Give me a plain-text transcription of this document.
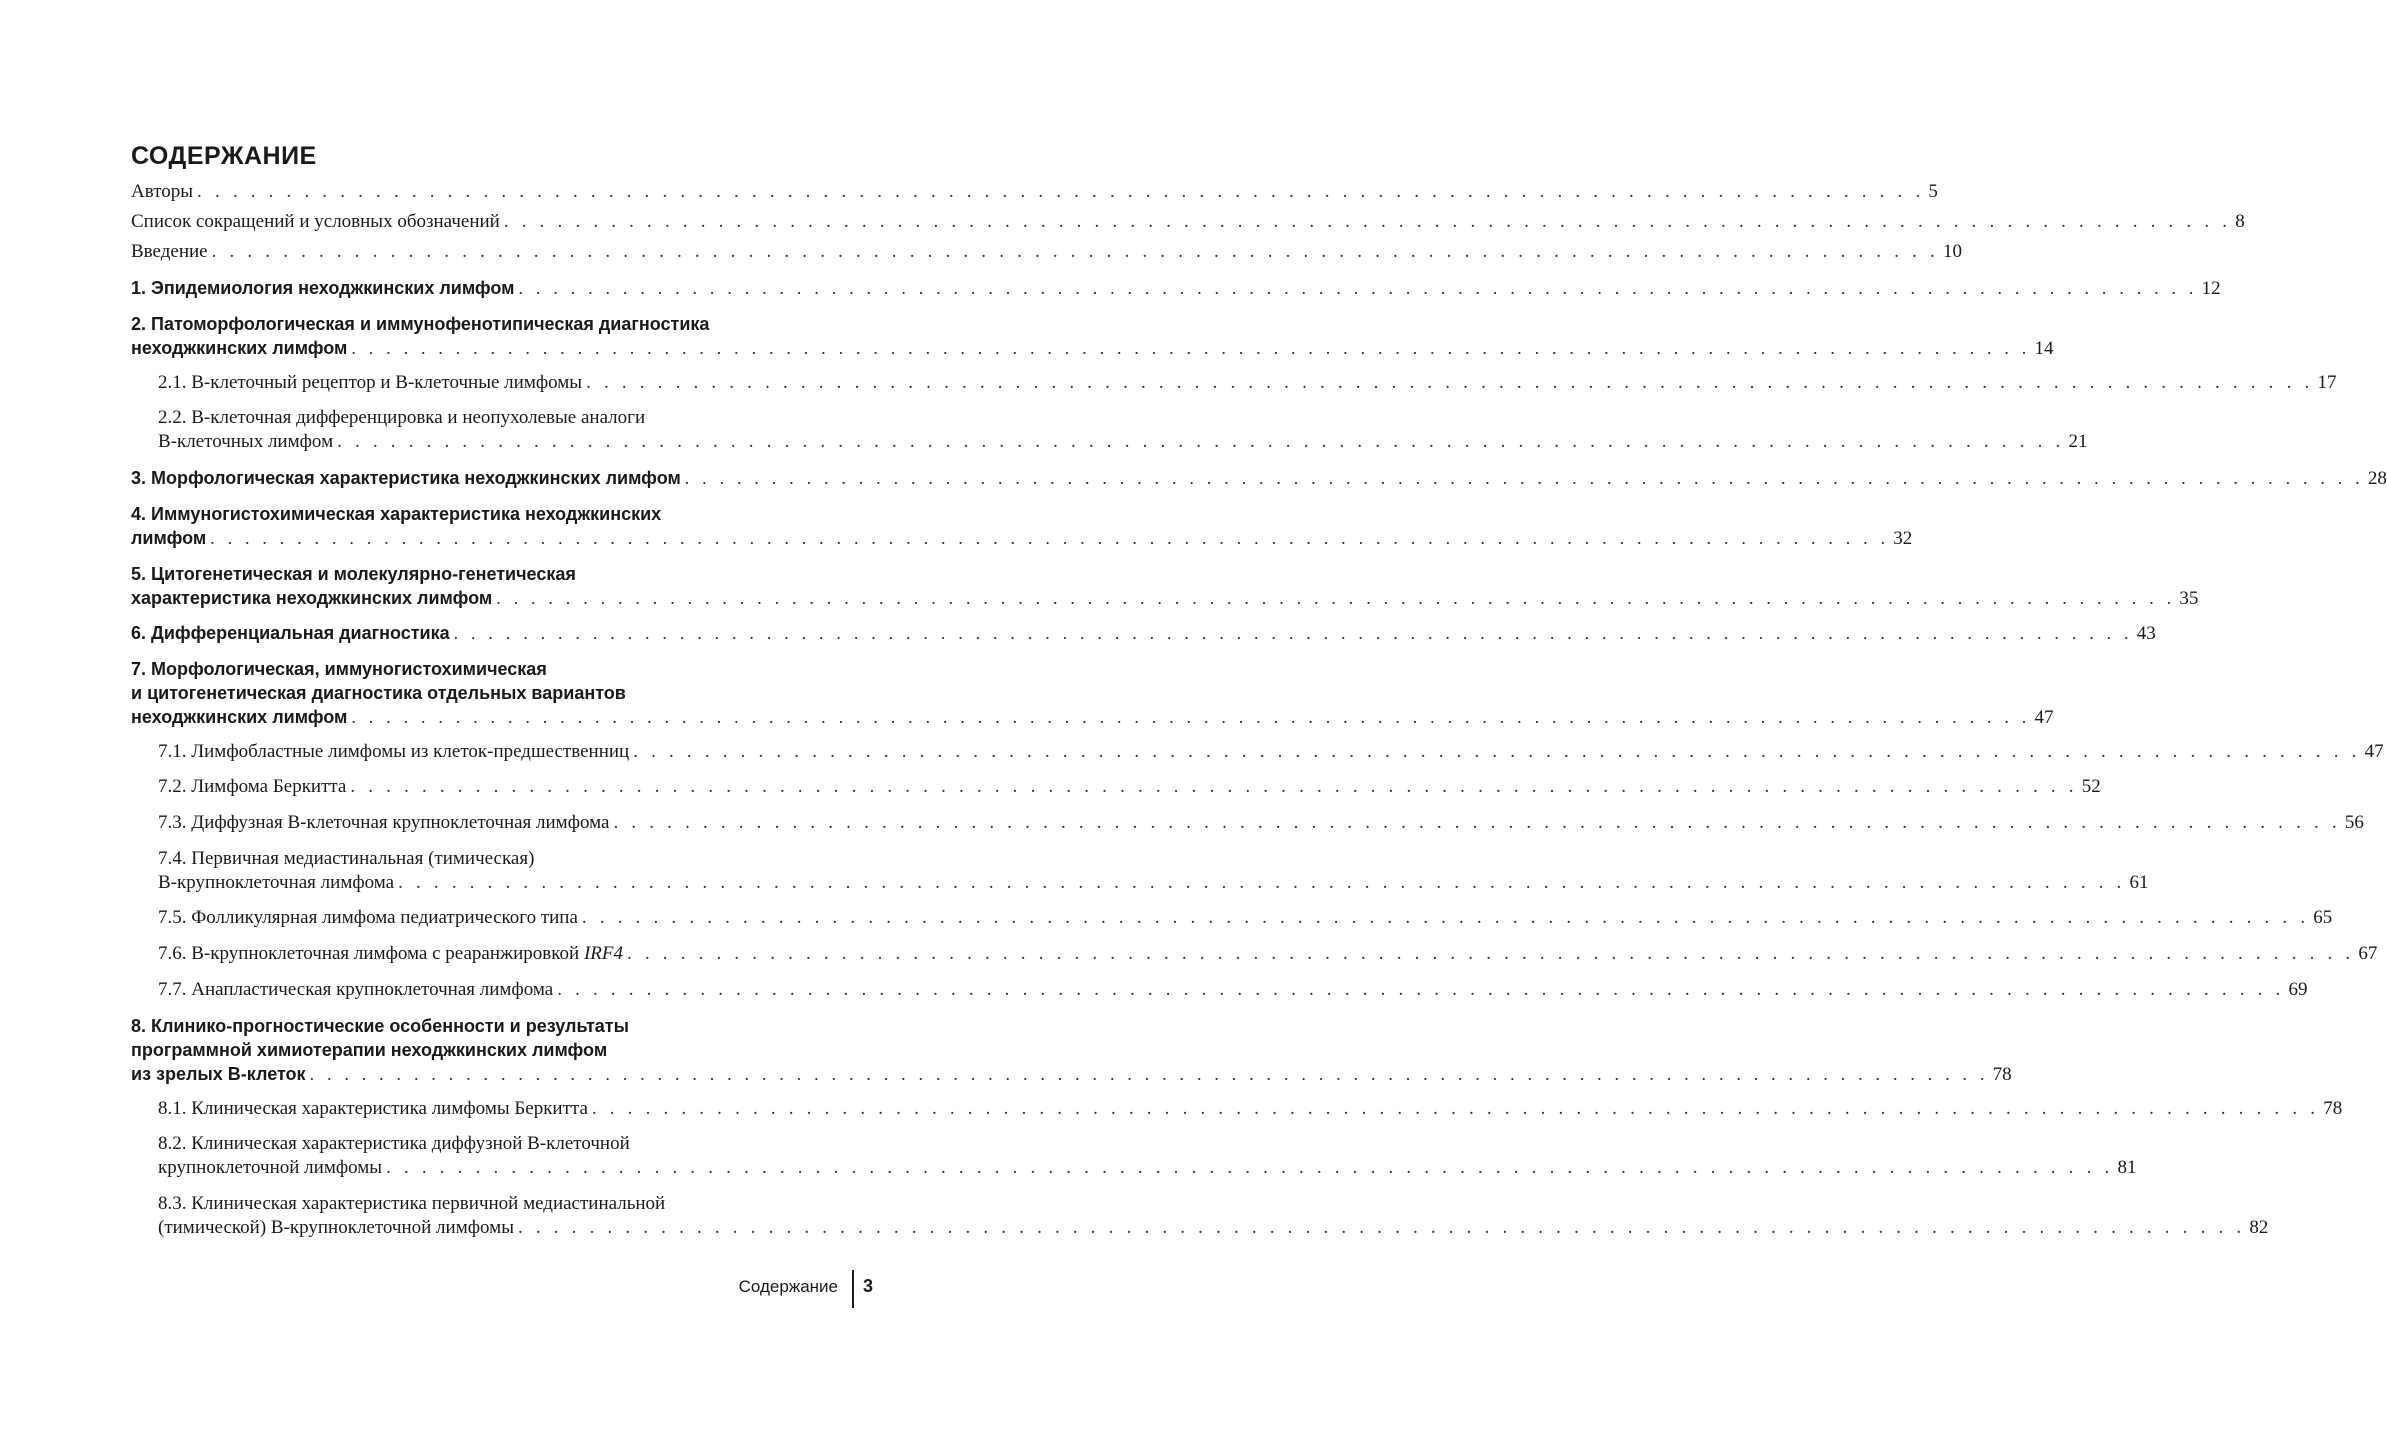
СОДЕРЖАНИЕ
Авторы . . . . . . . . . . . . . . . . . . . . . . . . . . . . . . . . . . . . . . . . . . . . . . . . . . . . . . . . . . . . . . . . . . . . . . . . . . . . . . . . . . . . . . . . . . . . . . . . . 5
Список сокращений и условных обозначений . . . . . . . . . . . . . . . . . . . . . . . . . . . . . . . . . . . . . . . . . . . . . . . . . . . . . . . . . . . . . . . . . . . . . . . . . . . . . . . . . . . . . . . . . . . . . . . . . 8
Введение . . . . . . . . . . . . . . . . . . . . . . . . . . . . . . . . . . . . . . . . . . . . . . . . . . . . . . . . . . . . . . . . . . . . . . . . . . . . . . . . . . . . . . . . . . . . . . . . . 10
1. Эпидемиология неходжкинских лимфом . . . . . . . . . . . . . . . . . . . . . . . . . . . . . . . . . . . . . . . . . . . . . . . . . . . . . . . . . . . . . . . . . . . . . . . . . . . . . . . . . . . . . . . . . . . . . . . . . 12
2. Патоморфологическая и иммунофенотипическая диагностика
неходжкинских лимфом . . . . . . . . . . . . . . . . . . . . . . . . . . . . . . . . . . . . . . . . . . . . . . . . . . . . . . . . . . . . . . . . . . . . . . . . . . . . . . . . . . . . . . . . . . . . . . . . . 14
2.1. В-клеточный рецептор и В-клеточные лимфомы . . . . . . . . . . . . . . . . . . . . . . . . . . . . . . . . . . . . . . . . . . . . . . . . . . . . . . . . . . . . . . . . . . . . . . . . . . . . . . . . . . . . . . . . . . . . . . . . . 17
2.2. В-клеточная дифференцировка и неопухолевые аналоги
В-клеточных лимфом . . . . . . . . . . . . . . . . . . . . . . . . . . . . . . . . . . . . . . . . . . . . . . . . . . . . . . . . . . . . . . . . . . . . . . . . . . . . . . . . . . . . . . . . . . . . . . . . . 21
3. Морфологическая характеристика неходжкинских лимфом . . . . . . . . . . . . . . . . . . . . . . . . . . . . . . . . . . . . . . . . . . . . . . . . . . . . . . . . . . . . . . . . . . . . . . . . . . . . . . . . . . . . . . . . . . . . . . . . . 28
4. Иммуногистохимическая характеристика неходжкинских
лимфом . . . . . . . . . . . . . . . . . . . . . . . . . . . . . . . . . . . . . . . . . . . . . . . . . . . . . . . . . . . . . . . . . . . . . . . . . . . . . . . . . . . . . . . . . . . . . . . . . 32
5. Цитогенетическая и молекулярно-генетическая
характеристика неходжкинских лимфом . . . . . . . . . . . . . . . . . . . . . . . . . . . . . . . . . . . . . . . . . . . . . . . . . . . . . . . . . . . . . . . . . . . . . . . . . . . . . . . . . . . . . . . . . . . . . . . . . 35
6. Дифференциальная диагностика . . . . . . . . . . . . . . . . . . . . . . . . . . . . . . . . . . . . . . . . . . . . . . . . . . . . . . . . . . . . . . . . . . . . . . . . . . . . . . . . . . . . . . . . . . . . . . . . . 43
7. Морфологическая, иммуногистохимическая
и цитогенетическая диагностика отдельных вариантов
неходжкинских лимфом . . . . . . . . . . . . . . . . . . . . . . . . . . . . . . . . . . . . . . . . . . . . . . . . . . . . . . . . . . . . . . . . . . . . . . . . . . . . . . . . . . . . . . . . . . . . . . . . . 47
7.1. Лимфобластные лимфомы из клеток-предшественниц . . . . . . . . . . . . . . . . . . . . . . . . . . . . . . . . . . . . . . . . . . . . . . . . . . . . . . . . . . . . . . . . . . . . . . . . . . . . . . . . . . . . . . . . . . . . . . . . . 47
7.2. Лимфома Беркитта . . . . . . . . . . . . . . . . . . . . . . . . . . . . . . . . . . . . . . . . . . . . . . . . . . . . . . . . . . . . . . . . . . . . . . . . . . . . . . . . . . . . . . . . . . . . . . . . . 52
7.3. Диффузная В-клеточная крупноклеточная лимфома . . . . . . . . . . . . . . . . . . . . . . . . . . . . . . . . . . . . . . . . . . . . . . . . . . . . . . . . . . . . . . . . . . . . . . . . . . . . . . . . . . . . . . . . . . . . . . . . . 56
7.4. Первичная медиастинальная (тимическая)
В-крупноклеточная лимфома . . . . . . . . . . . . . . . . . . . . . . . . . . . . . . . . . . . . . . . . . . . . . . . . . . . . . . . . . . . . . . . . . . . . . . . . . . . . . . . . . . . . . . . . . . . . . . . . . 61
7.5. Фолликулярная лимфома педиатрического типа . . . . . . . . . . . . . . . . . . . . . . . . . . . . . . . . . . . . . . . . . . . . . . . . . . . . . . . . . . . . . . . . . . . . . . . . . . . . . . . . . . . . . . . . . . . . . . . . . 65
7.6. В-крупноклеточная лимфома с реаранжировкой IRF4 . . . . . . . . . . . . . . . . . . . . . . . . . . . . . . . . . . . . . . . . . . . . . . . . . . . . . . . . . . . . . . . . . . . . . . . . . . . . . . . . . . . . . . . . . . . . . . . . . 67
7.7. Анапластическая крупноклеточная лимфома . . . . . . . . . . . . . . . . . . . . . . . . . . . . . . . . . . . . . . . . . . . . . . . . . . . . . . . . . . . . . . . . . . . . . . . . . . . . . . . . . . . . . . . . . . . . . . . . . 69
8. Клинико-прогностические особенности и результаты
программной химиотерапии неходжкинских лимфом
из зрелых В-клеток . . . . . . . . . . . . . . . . . . . . . . . . . . . . . . . . . . . . . . . . . . . . . . . . . . . . . . . . . . . . . . . . . . . . . . . . . . . . . . . . . . . . . . . . . . . . . . . . . 78
8.1. Клиническая характеристика лимфомы Беркитта . . . . . . . . . . . . . . . . . . . . . . . . . . . . . . . . . . . . . . . . . . . . . . . . . . . . . . . . . . . . . . . . . . . . . . . . . . . . . . . . . . . . . . . . . . . . . . . . . 78
8.2. Клиническая характеристика диффузной В-клеточной
крупноклеточной лимфомы . . . . . . . . . . . . . . . . . . . . . . . . . . . . . . . . . . . . . . . . . . . . . . . . . . . . . . . . . . . . . . . . . . . . . . . . . . . . . . . . . . . . . . . . . . . . . . . . . 81
8.3. Клиническая характеристика первичной медиастинальной
(тимической) В-крупноклеточной лимфомы . . . . . . . . . . . . . . . . . . . . . . . . . . . . . . . . . . . . . . . . . . . . . . . . . . . . . . . . . . . . . . . . . . . . . . . . . . . . . . . . . . . . . . . . . . . . . . . . . 82
Содержание 3
